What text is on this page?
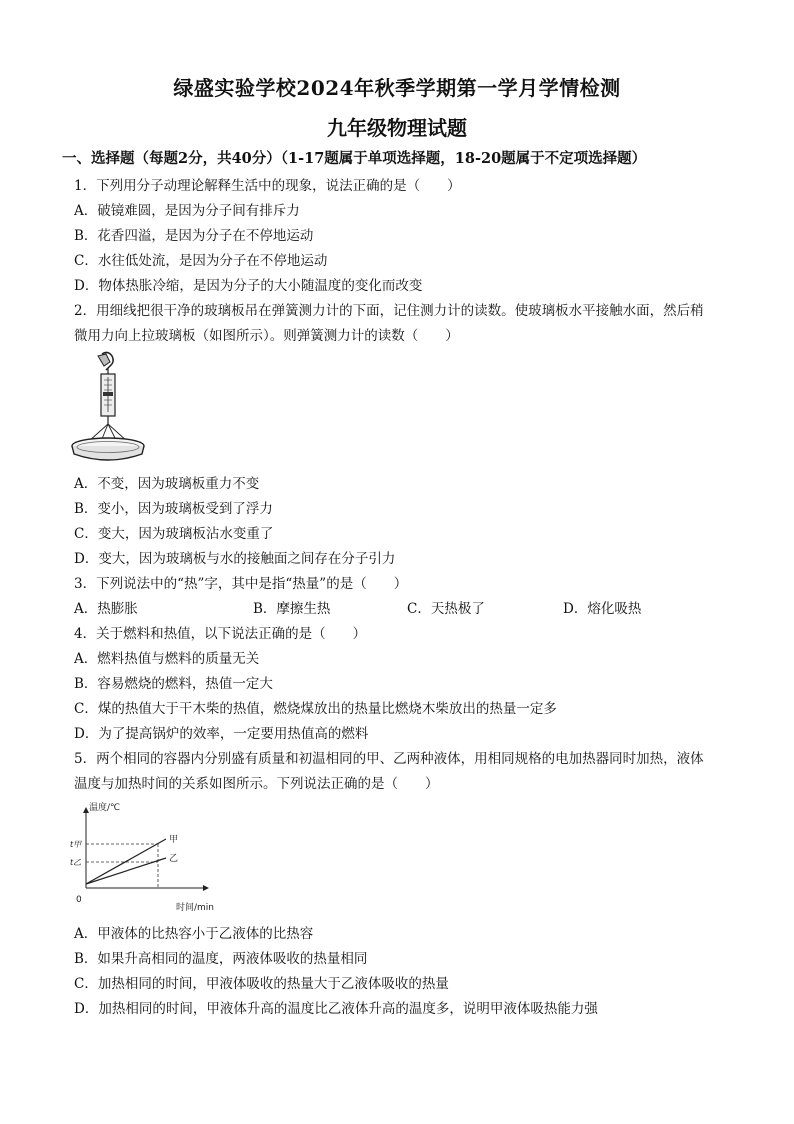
绿盛实验学校2024年秋季学期第一学月学情检测
九年级物理试题
一、选择题（每题2分，共40分）（1-17题属于单项选择题，18-20题属于不定项选择题）
1．下列用分子动理论解释生活中的现象，说法正确的是（　　）
A．破镜难圆，是因为分子间有排斥力
B．花香四溢，是因为分子在不停地运动
C．水往低处流，是因为分子在不停地运动
D．物体热胀冷缩，是因为分子的大小随温度的变化而改变
2．用细线把很干净的玻璃板吊在弹簧测力计的下面，记住测力计的读数。使玻璃板水平接触水面，然后稍
微用力向上拉玻璃板（如图所示）。则弹簧测力计的读数（　　）
A．不变，因为玻璃板重力不变
B．变小，因为玻璃板受到了浮力
C．变大，因为玻璃板沾水变重了
D．变大，因为玻璃板与水的接触面之间存在分子引力
3．下列说法中的“热”字，其中是指“热量”的是（　　）
A．热膨胀	B．摩擦生热	C．天热极了	D．熔化吸热
4．关于燃料和热值，以下说法正确的是（　　）
A．燃料热值与燃料的质量无关
B．容易燃烧的燃料，热值一定大
C．煤的热值大于干木柴的热值，燃烧煤放出的热量比燃烧木柴放出的热量一定多
D．为了提高锅炉的效率，一定要用热值高的燃料
5．两个相同的容器内分别盛有质量和初温相同的甲、乙两种液体，用相同规格的电加热器同时加热，液体
温度与加热时间的关系如图所示。下列说法正确的是（　　）
温度/℃
时间/min
0
t甲
t乙
甲
乙
A．甲液体的比热容小于乙液体的比热容
B．如果升高相同的温度，两液体吸收的热量相同
C．加热相同的时间，甲液体吸收的热量大于乙液体吸收的热量
D．加热相同的时间，甲液体升高的温度比乙液体升高的温度多，说明甲液体吸热能力强
